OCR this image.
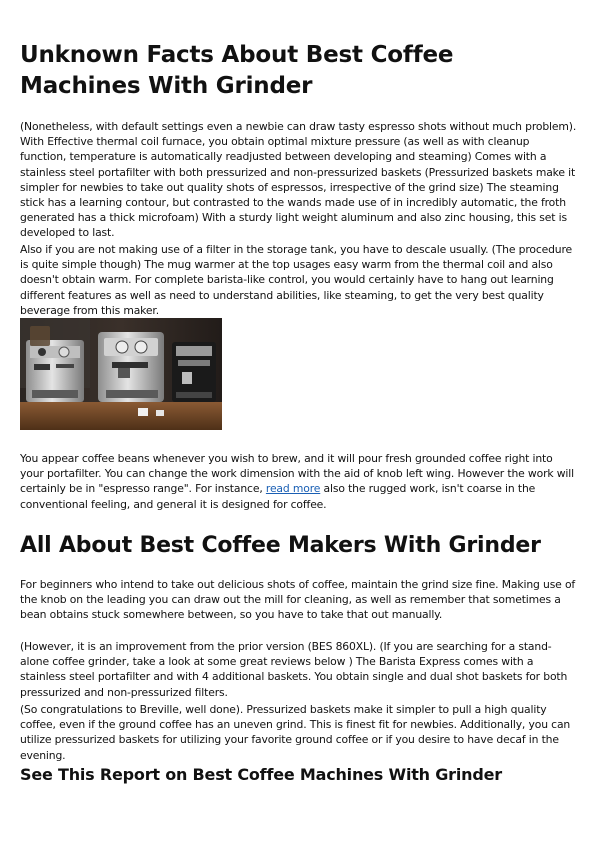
Unknown Facts About Best Coffee Machines With Grinder

(Nonetheless, with default settings even a newbie can draw tasty espresso shots without much problem). With Effective thermal coil furnace, you obtain optimal mixture pressure (as well as with cleanup function, temperature is automatically readjusted between developing and steaming) Comes with a stainless steel portafilter with both pressurized and non-pressurized baskets (Pressurized baskets make it simpler for newbies to take out quality shots of espressos, irrespective of the grind size) The steaming stick has a learning contour, but contrasted to the wands made use of in incredibly automatic, the froth generated has a thick microfoam) With a sturdy light weight aluminum and also zinc housing, this set is developed to last.

Also if you are not making use of a filter in the storage tank, you have to descale usually. (The procedure is quite simple though) The mug warmer at the top usages easy warm from the thermal coil and also doesn't obtain warm. For complete barista-like control, you would certainly have to hang out learning different features as well as need to understand abilities, like steaming, to get the very best quality beverage from this maker.

You appear coffee beans whenever you wish to brew, and it will pour fresh grounded coffee right into your portafilter. You can change the work dimension with the aid of knob left wing. However the work will certainly be in "espresso range". For instance, read more also the rugged work, isn't coarse in the conventional feeling, and general it is designed for coffee.

All About Best Coffee Makers With Grinder

For beginners who intend to take out delicious shots of coffee, maintain the grind size fine. Making use of the knob on the leading you can draw out the mill for cleaning, as well as remember that sometimes a bean obtains stuck somewhere between, so you have to take that out manually.

(However, it is an improvement from the prior version (BES 860XL). (If you are searching for a stand-alone coffee grinder, take a look at some great reviews below ) The Barista Express comes with a stainless steel portafilter and with 4 additional baskets. You obtain single and dual shot baskets for both pressurized and non-pressurized filters.

(So congratulations to Breville, well done). Pressurized baskets make it simpler to pull a high quality coffee, even if the ground coffee has an uneven grind. This is finest fit for newbies. Additionally, you can utilize pressurized baskets for utilizing your favorite ground coffee or if you desire to have decaf in the evening.

See This Report on Best Coffee Machines With Grinder
